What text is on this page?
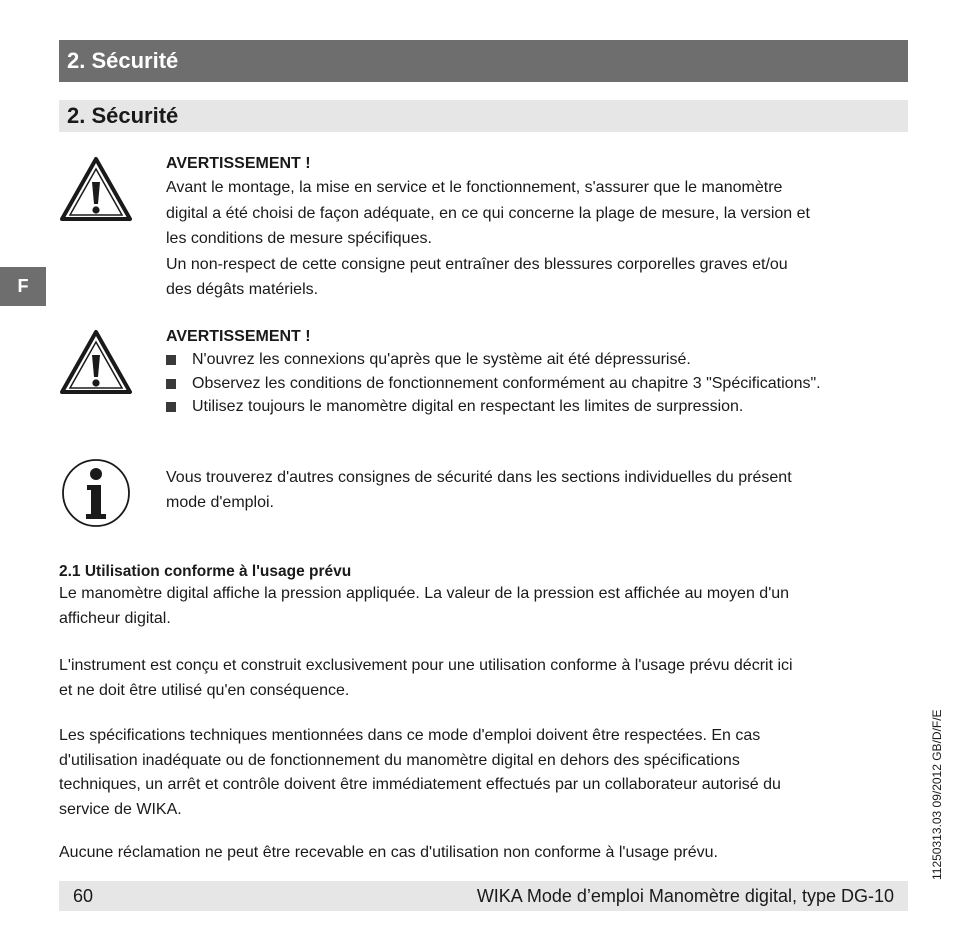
2. Sécurité
2. Sécurité
F

AVERTISSEMENT !

Avant le montage, la mise en service et le fonctionnement, s'assurer que le manomètre

digital a été choisi de façon adéquate, en ce qui concerne la plage de mesure, la version et

les conditions de mesure spécifiques.

Un non-respect de cette consigne peut entraîner des blessures corporelles graves et/ou

des dégâts matériels.

AVERTISSEMENT !

N'ouvrez les connexions qu'après que le système ait été dépressurisé.
Observez les conditions de fonctionnement conformément au chapitre 3 "Spécifications".
Utilisez toujours le manomètre digital en respectant les limites de surpression.

Vous trouverez d'autres consignes de sécurité dans les sections individuelles du présent

mode d'emploi.

2.1 Utilisation conforme à l'usage prévu

Le manomètre digital affiche la pression appliquée. La valeur de la pression est affichée au moyen d'un

afficheur digital.

L'instrument est conçu et construit exclusivement pour une utilisation conforme à l'usage prévu décrit ici

et ne doit être utilisé qu'en conséquence.

Les spécifications techniques mentionnées dans ce mode d'emploi doivent être respectées. En cas

d'utilisation inadéquate ou de fonctionnement du manomètre digital en dehors des spécifications

techniques, un arrêt et contrôle doivent être immédiatement effectués par un collaborateur autorisé du

service de WIKA.

Aucune réclamation ne peut être recevable en cas d'utilisation non conforme à l'usage prévu.

60	WIKA Mode d’emploi Manomètre digital, type DG-10
11250313.03 09/2012 GB/D/F/E
